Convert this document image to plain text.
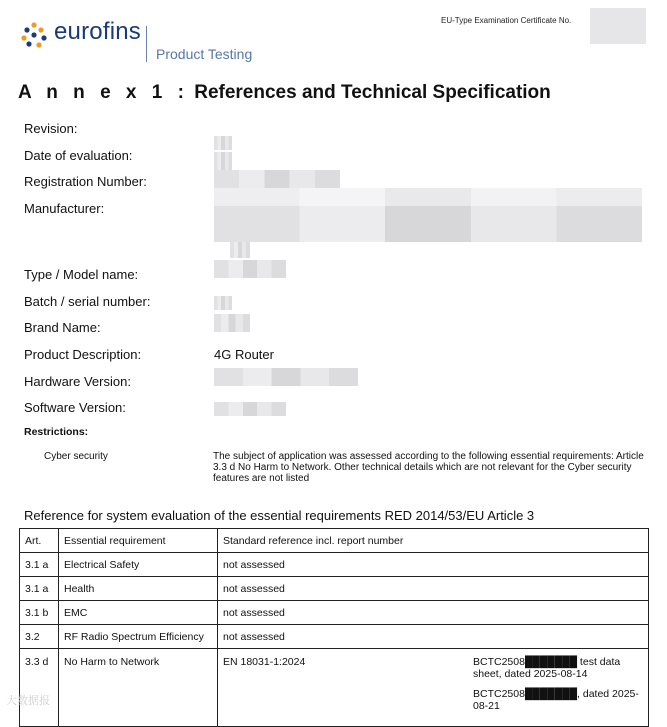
eurofins
Product Testing
EU-Type Examination Certificate No.
A n n e x 1 : References and Technical Specification
Revision:
Date of evaluation:
Registration Number:
Manufacturer:
Type / Model name:
Batch / serial number:
Brand Name:
Product Description:	4G Router
Hardware Version:
Software Version:
Restrictions:
Cyber security	The subject of application was assessed according to the following essential requirements: Article 3.3 d No Harm to Network. Other technical details which are not relevant for the Cyber security features are not listed
Reference for system evaluation of the essential requirements RED 2014/53/EU Article 3
Art.	Essential requirement	Standard reference incl. report number	
3.1 a	Electrical Safety	not assessed	
3.1 a	Health	not assessed	
3.1 b	EMC	not assessed	
3.2	RF Radio Spectrum Efficiency	not assessed	
3.3 d	No Harm to Network	EN 18031-1:2024	BCTC2508███████ test data sheet, dated 2025-08-14
BCTC2508███████, dated 2025-08-21
大数据报
